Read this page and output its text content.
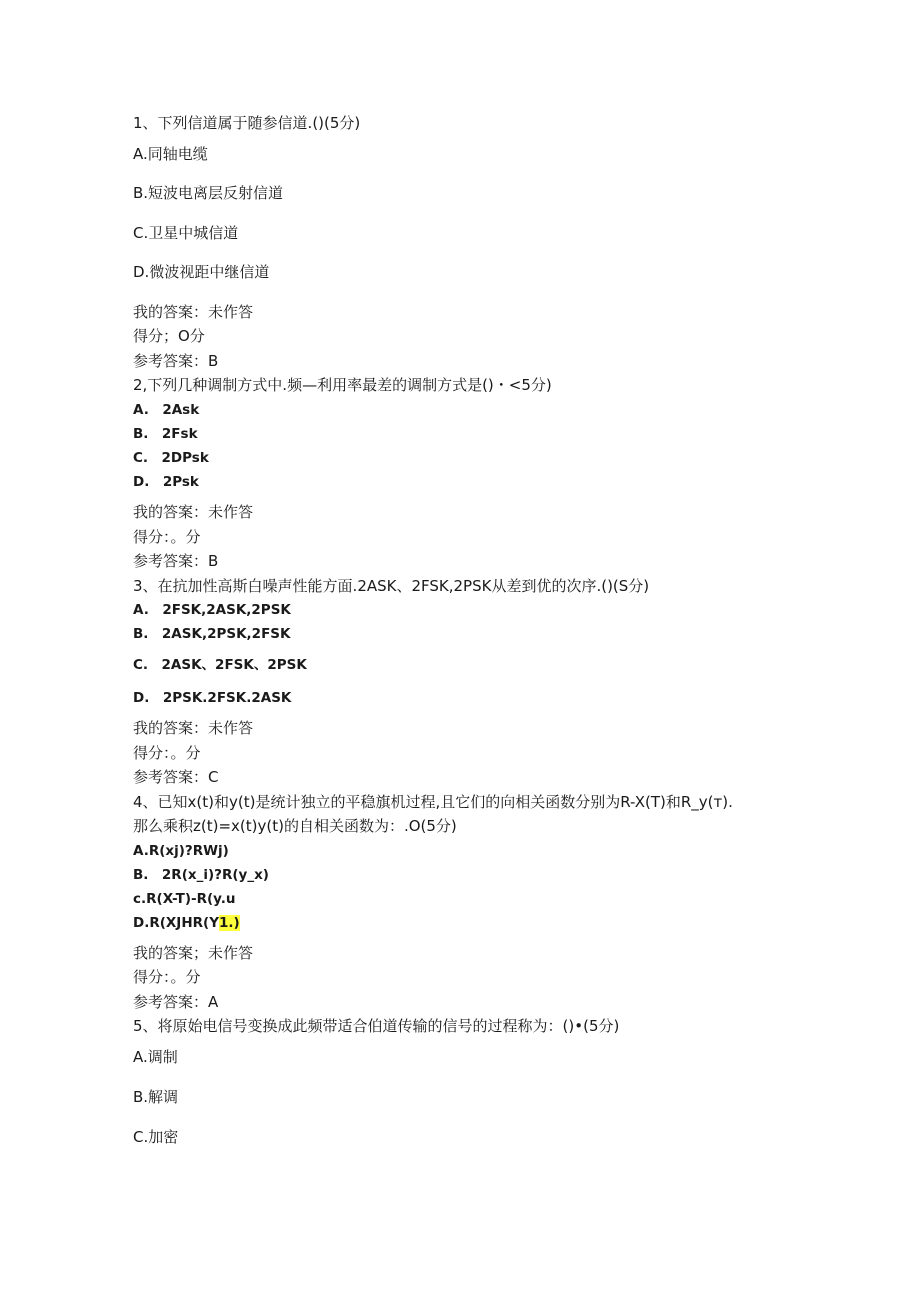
1、下列信道属于随参信道.()(5分)
A.同轴电缆
B.短波电离层反射信道
C.卫星中城信道
D.微波视距中继信道
我的答案：未作答
得分；O分
参考答案：B
2,下列几种调制方式中.频—利用率最差的调制方式是()・<5分)
A.　2Ask
B.　2Fsk
C.　2DPsk
D.　2Psk
我的答案：未作答
得分：。分
参考答案：B
3、在抗加性高斯白噪声性能方面.2ASK、2FSK,2PSK从差到优的次序.()(S分)
A.　2FSK,2ASK,2PSK
B.　2ASK,2PSK,2FSK
C.　2ASK、2FSK、2PSK
D.　2PSK.2FSK.2ASK
我的答案：未作答
得分：。分
参考答案：C
4、已知x(t)和y(t)是统计独立的平稳旗机过程,且它们的向相关函数分别为R-X(T)和R_y(т).
那么乘积z(t)=x(t)y(t)的自相关函数为：.O(5分)
A.R(xj)?RWj)
B.　2R(x_i)?R(y_x)
c.R(X-T)-R(y.u
D.R(XJHR(Y1.)
我的答案；未作答
得分：。分
参考答案：A
5、将原始电信号变换成此频带适合伯道传输的信号的过程称为：()•(5分)
A.调制
B.解调
C.加密
